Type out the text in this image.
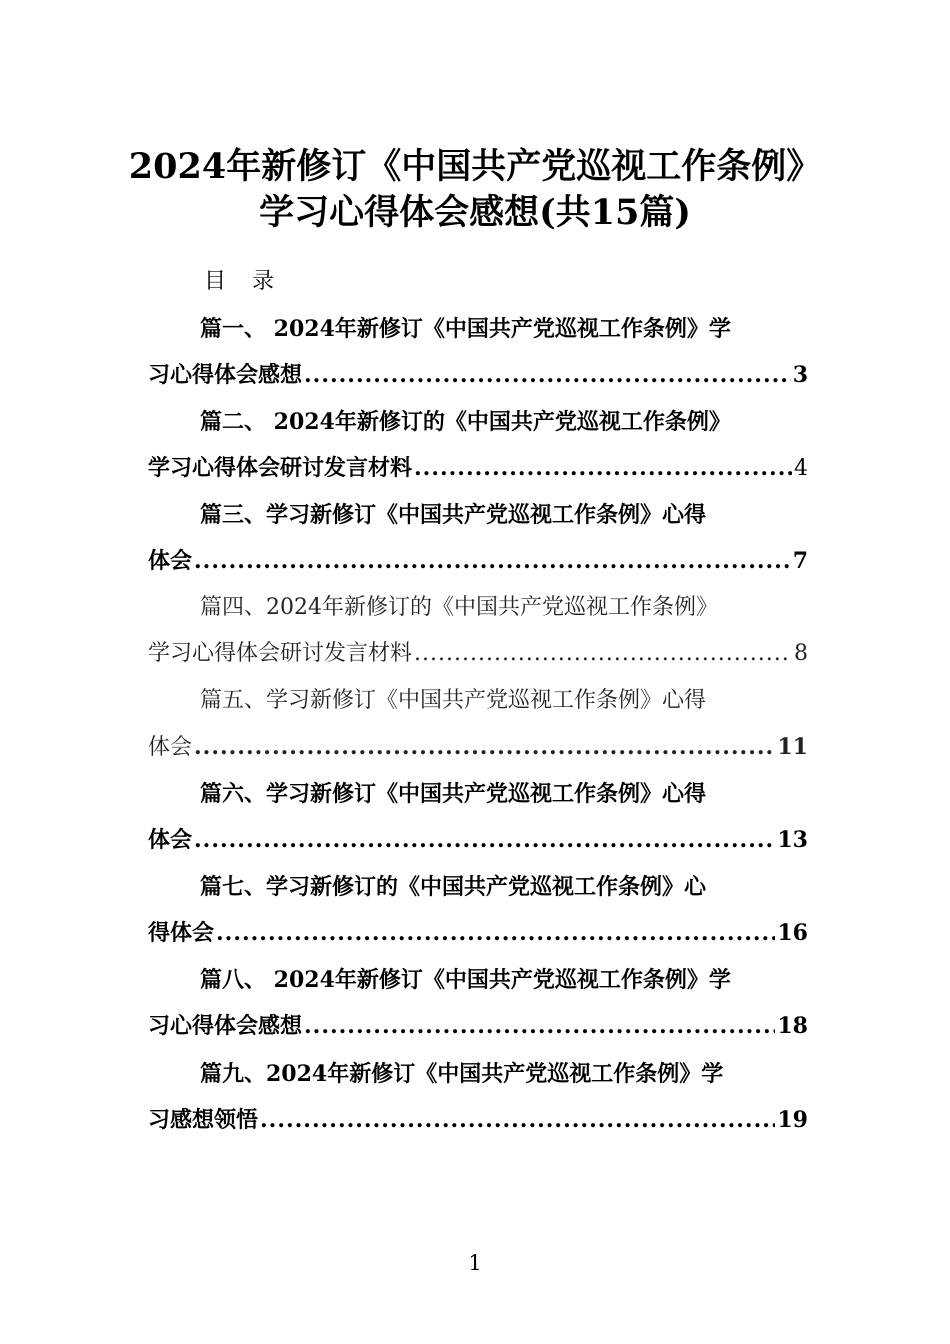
2024年新修订《中国共产党巡视工作条例》
学习心得体会感想(共15篇)
目录
篇一、 2024年新修订《中国共产党巡视工作条例》学
习心得体会感想 .....	3
篇二、 2024年新修订的《中国共产党巡视工作条例》
学习心得体会研讨发言材料 .....	4
篇三、学习新修订《中国共产党巡视工作条例》心得
体会 .....	7
篇四、2024年新修订的《中国共产党巡视工作条例》
学习心得体会研讨发言材料 .....	8
篇五、学习新修订《中国共产党巡视工作条例》心得
体会 .....	11
篇六、学习新修订《中国共产党巡视工作条例》心得
体会 .....	13
篇七、学习新修订的《中国共产党巡视工作条例》心
得体会 .....	16
篇八、 2024年新修订《中国共产党巡视工作条例》学
习心得体会感想 .....	18
篇九、2024年新修订《中国共产党巡视工作条例》学
习感想领悟 .....	19
1
